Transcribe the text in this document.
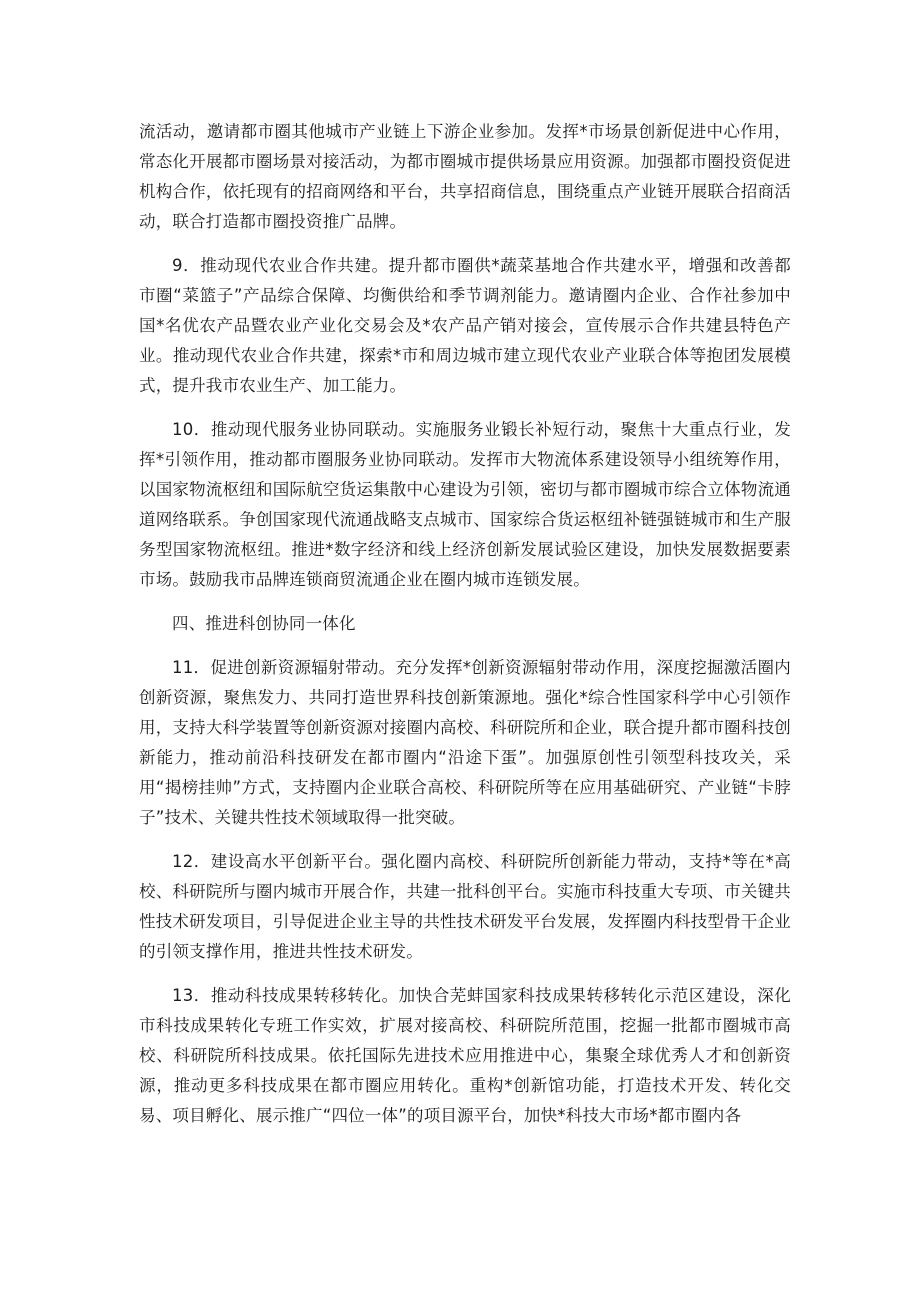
流活动，邀请都市圈其他城市产业链上下游企业参加。发挥*市场景创新促进中心作用，常态化开展都市圈场景对接活动，为都市圈城市提供场景应用资源。加强都市圈投资促进机构合作，依托现有的招商网络和平台，共享招商信息，围绕重点产业链开展联合招商活动，联合打造都市圈投资推广品牌。

9．推动现代农业合作共建。提升都市圈供*蔬菜基地合作共建水平，增强和改善都市圈“菜篮子”产品综合保障、均衡供给和季节调剂能力。邀请圈内企业、合作社参加中国*名优农产品暨农业产业化交易会及*农产品产销对接会，宣传展示合作共建县特色产业。推动现代农业合作共建，探索*市和周边城市建立现代农业产业联合体等抱团发展模式，提升我市农业生产、加工能力。

10．推动现代服务业协同联动。实施服务业锻长补短行动，聚焦十大重点行业，发挥*引领作用，推动都市圈服务业协同联动。发挥市大物流体系建设领导小组统筹作用，以国家物流枢纽和国际航空货运集散中心建设为引领，密切与都市圈城市综合立体物流通道网络联系。争创国家现代流通战略支点城市、国家综合货运枢纽补链强链城市和生产服务型国家物流枢纽。推进*数字经济和线上经济创新发展试验区建设，加快发展数据要素市场。鼓励我市品牌连锁商贸流通企业在圈内城市连锁发展。

四、推进科创协同一体化

11．促进创新资源辐射带动。充分发挥*创新资源辐射带动作用，深度挖掘激活圈内创新资源，聚焦发力、共同打造世界科技创新策源地。强化*综合性国家科学中心引领作用，支持大科学装置等创新资源对接圈内高校、科研院所和企业，联合提升都市圈科技创新能力，推动前沿科技研发在都市圈内“沿途下蛋”。加强原创性引领型科技攻关，采用“揭榜挂帅”方式，支持圈内企业联合高校、科研院所等在应用基础研究、产业链“卡脖子”技术、关键共性技术领域取得一批突破。

12．建设高水平创新平台。强化圈内高校、科研院所创新能力带动，支持*等在*高校、科研院所与圈内城市开展合作，共建一批科创平台。实施市科技重大专项、市关键共性技术研发项目，引导促进企业主导的共性技术研发平台发展，发挥圈内科技型骨干企业的引领支撑作用，推进共性技术研发。

13．推动科技成果转移转化。加快合芜蚌国家科技成果转移转化示范区建设，深化市科技成果转化专班工作实效，扩展对接高校、科研院所范围，挖掘一批都市圈城市高校、科研院所科技成果。依托国际先进技术应用推进中心，集聚全球优秀人才和创新资源，推动更多科技成果在都市圈应用转化。重构*创新馆功能，打造技术开发、转化交易、项目孵化、展示推广“四位一体”的项目源平台，加快*科技大市场*都市圈内各
